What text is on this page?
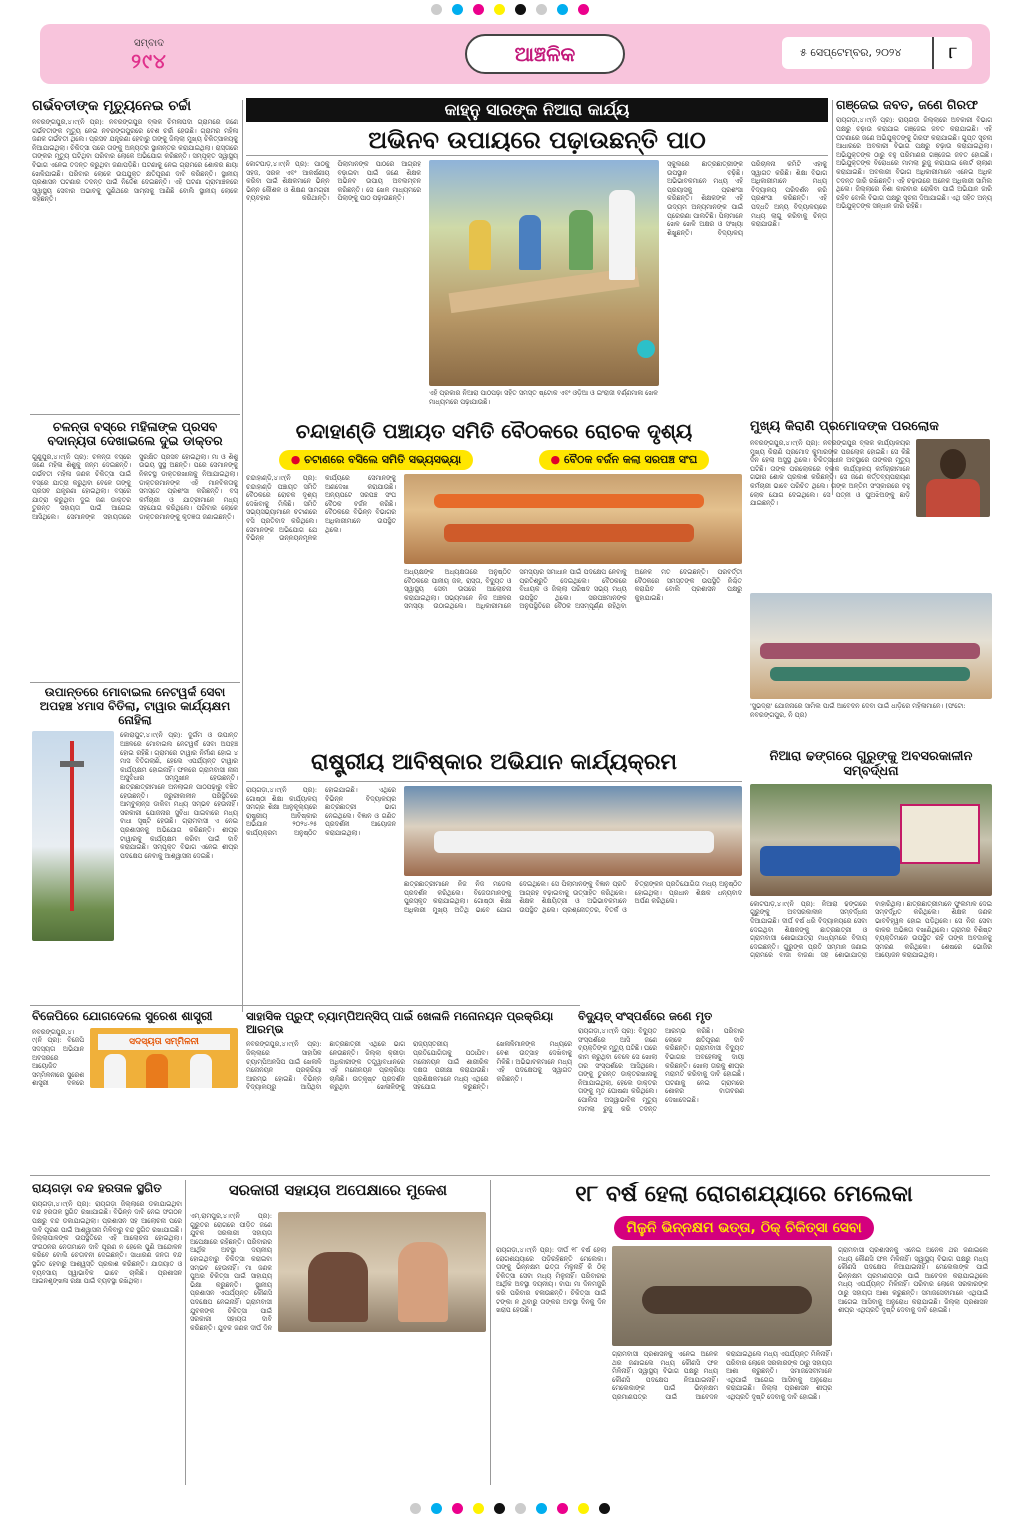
ସମ୍ବାଦ
୨୯୪	ଆଞ୍ଚଳିକ	୫ ସେପ୍ଟେମ୍ବର, ୨୦୨୪	୮
ଗର୍ଭବତୀଙ୍କ ମୃତ୍ୟୁନେଇ ଚର୍ଚ୍ଚା
ନବରଙ୍ଗପୁର,୪।୯(ନି ପ୍ର): ନବରଙ୍ଗପୁର ବ୍ଲକ ଚିମଳାପଦା ଗ୍ରାମରେ ଜଣେ ଗର୍ଭବତୀଙ୍କ ମୃତ୍ୟୁ ନେଇ ନବରଙ୍ଗପୁରରେ ବେଶ ଚର୍ଚ୍ଚା ହେଉଛି। ଗ୍ରାମର ମହିଳା ଜଣକ ଗର୍ଭବତୀ ଥିଲେ। ପ୍ରସବ ଯନ୍ତ୍ରଣା ହେବାରୁ ତାଙ୍କୁ ଜିଲ୍ଲା ମୁଖ୍ୟ ଚିକିତ୍ସାଳୟକୁ ନିଆଯାଇଥିଲା। ଚିକିତ୍ସା ପରେ ତାଙ୍କୁ ଅନ୍ୟତ୍ର ସ୍ଥାନାନ୍ତର କରାଯାଇଥିଲା। ରାସ୍ତାରେ ତାଙ୍କର ମୃତ୍ୟୁ ଘଟିଥିବା ପରିବାର ଲୋକେ ଅଭିଯୋଗ କରିଛନ୍ତି। ସମ୍ପୃକ୍ତ ସ୍ୱାସ୍ଥ୍ୟ ବିଭାଗ ଏନେଇ ତଦନ୍ତ କରୁଥିବା ଜଣାପଡ଼ିଛି। ଘଟଣାକୁ ନେଇ ଗ୍ରାମରେ ଶୋକର ଛାୟା ଖେଳିଯାଇଛି। ପରିବାର ଲୋକେ ଉପଯୁକ୍ତ କ୍ଷତିପୂରଣ ଦାବି କରିଛନ୍ତି। ସ୍ଥାନୀୟ ପ୍ରଶାସନ ଘଟଣାର ତଦନ୍ତ ପାଇଁ ନିର୍ଦ୍ଦେଶ ଦେଇଛନ୍ତି। ଏହି ଘଟଣା ଗ୍ରାମାଞ୍ଚଳରେ ସ୍ୱାସ୍ଥ୍ୟ ସେବାର ଅଭାବକୁ ପୁଣିଥରେ ସାମ୍ନାକୁ ଆଣିଛି ବୋଲି ସ୍ଥାନୀୟ ଲୋକେ କହିଛନ୍ତି।
କାହ୍ନୁ ସାରଙ୍କ ନିଆରା କାର୍ଯ୍ୟ
ଅଭିନବ ଉପାୟରେ ପଢ଼ାଉଛନ୍ତି ପାଠ
କୋଟପାଡ଼,୪।୯(ନି ପ୍ର): ପାଠକୁ ସହଜ, ସରଳ ଏବଂ ଆକର୍ଷଣୀୟ କରିବା ପାଇଁ ଶିକ୍ଷକମାନେ ଭିନ୍ନ ଭିନ୍ନ କୌଶଳ ଓ ଶିକ୍ଷଣ ସାମଗ୍ରୀ ବ୍ୟବହାର କରିଥାନ୍ତି। ପିଲାମାନଙ୍କ ପାଠରେ ଆଗ୍ରହ ବଢ଼ାଇବା ପାଇଁ ଜଣେ ଶିକ୍ଷକ ଅଭିନବ ଉପାୟ ଅବଲମ୍ବନ କରିଛନ୍ତି। ସେ ଖେଳ ମାଧ୍ୟମରେ ପିଲାଙ୍କୁ ପାଠ ପଢ଼ାଉଛନ୍ତି।
ଏହି ପ୍ରକାର ନିଆରା ପାଠପଢ଼ା ସହିତ ସମସ୍ତ ଷ୍ଟୋକ ଏବଂ ଓଡ଼ିଆ ଓ ଇଂରାଜୀ ବର୍ଣ୍ଣମାଳା ଖେଳ ମାଧ୍ୟମରେ ପଢ଼ାଯାଉଛି।
ସ୍କୁଲରେ ଛାତ୍ରଛାତ୍ରୀଙ୍କ ଉପସ୍ଥାନ ବଢ଼ିଛି। ଅଭିଭାବକମାନେ ମଧ୍ୟ ଏହି ପ୍ରୟାସକୁ ପ୍ରଶଂସା କରିଛନ୍ତି। ଶିକ୍ଷକଙ୍କ ଏହି ଉଦ୍ୟମ ଅନ୍ୟମାନଙ୍କ ପାଇଁ ପ୍ରେରଣା ପାଲଟିଛି। ପିଲାମାନେ ଖେଳ ଖେଳି ଅକ୍ଷର ଓ ସଂଖ୍ୟା ଶିଖୁଛନ୍ତି। ବିଦ୍ୟାଳୟ ପରିଚାଳନା କମିଟି ଏହାକୁ ସ୍ୱାଗତ କରିଛି। ଶିକ୍ଷା ବିଭାଗ ଅଧିକାରୀମାନେ ମଧ୍ୟ ବିଦ୍ୟାଳୟ ପରିଦର୍ଶନ କରି ପ୍ରଶଂସା କରିଛନ୍ତି। ଏହି ପଦ୍ଧତି ଅନ୍ୟ ବିଦ୍ୟାଳୟରେ ମଧ୍ୟ ଲାଗୁ କରିବାକୁ ଚିନ୍ତା କରାଯାଉଛି।
ଗଞ୍ଜେଇ ଜବତ, ଜଣେ ଗିରଫ
ରାୟଗଡ଼ା,୪।୯(ନି ପ୍ର): ରାୟଗଡ଼ା ଜିଲ୍ଲାରେ ଅବକାରୀ ବିଭାଗ ପକ୍ଷରୁ ଚଢ଼ାଉ କରାଯାଇ ଗଞ୍ଜେଇ ଜବତ କରାଯାଇଛି। ଏହି ଘଟଣାରେ ଜଣେ ଅଭିଯୁକ୍ତଙ୍କୁ ଗିରଫ କରାଯାଇଛି। ଗୁପ୍ତ ସୂଚନା ଆଧାରରେ ଅବକାରୀ ବିଭାଗ ପକ୍ଷରୁ ଚଢ଼ାଉ କରାଯାଇଥିଲା। ଅଭିଯୁକ୍ତଙ୍କ ଠାରୁ ବହୁ ପରିମାଣର ଗଞ୍ଜେଇ ଜବତ ହୋଇଛି। ଅଭିଯୁକ୍ତଙ୍କ ବିରୋଧରେ ମାମଲା ରୁଜୁ କରାଯାଇ କୋର୍ଟ ଚାଲାଣ କରାଯାଇଛି। ଅବକାରୀ ବିଭାଗ ଅଧିକାରୀମାନେ ଏନେଇ ଅଧିକ ତଦନ୍ତ ଜାରି ରଖିଛନ୍ତି। ଏହି ଚଢ଼ାଉରେ ଅନେକ ଅଧିକାରୀ ସାମିଲ ଥିଲେ। ଜିଲ୍ଲାରେ ନିଶା କାରବାର ରୋକିବା ପାଇଁ ଅଭିଯାନ ଜାରି ରହିବ ବୋଲି ବିଭାଗ ପକ୍ଷରୁ ସୂଚନା ଦିଆଯାଇଛି। ଏଥି ସହିତ ଅନ୍ୟ ଅଭିଯୁକ୍ତଙ୍କ ସନ୍ଧାନ ଜାରି ରହିଛି।
ଚଳନ୍ତା ବସ୍‌ରେ ମହିଳାଙ୍କ ପ୍ରସବ ବଦାନ୍ୟତା ଦେଖାଇଲେ ଦୁଇ ଡାକ୍ତର
ଗୁଣୁପୁର,୪।୯(ନି ପ୍ର): ଚଳନ୍ତା ବସ୍‌ରେ ଜଣେ ମହିଳା ଶିଶୁକୁ ଜନ୍ମ ଦେଇଛନ୍ତି। ଗର୍ଭବତୀ ମହିଳା ଜଣକ ଚିକିତ୍ସା ପାଇଁ ବସ୍‌ରେ ଯାତ୍ରା କରୁଥିବା ବେଳେ ତାଙ୍କୁ ପ୍ରସବ ଯନ୍ତ୍ରଣା ହୋଇଥିଲା। ବସ୍‌ରେ ଯାତ୍ରା କରୁଥିବା ଦୁଇ ଜଣ ଡାକ୍ତର ତୁରନ୍ତ ସହାୟତା ପାଇଁ ଆଗେଇ ଆସିଥିଲେ। ସେମାନଙ୍କ ସହାୟତାରେ ସୁରକ୍ଷିତ ପ୍ରସବ ହୋଇଥିଲା। ମା ଓ ଶିଶୁ ଉଭୟ ସୁସ୍ଥ ଅଛନ୍ତି। ପରେ ସେମାନଙ୍କୁ ନିକଟସ୍ଥ ଡାକ୍ତରଖାନାକୁ ନିଆଯାଇଥିଲା। ଡାକ୍ତରମାନଙ୍କ ଏହି ମାନବିକତାକୁ ସମସ୍ତେ ପ୍ରଶଂସା କରିଛନ୍ତି। ବସ୍ କର୍ମଚାରୀ ଓ ଯାତ୍ରୀମାନେ ମଧ୍ୟ ସହଯୋଗ କରିଥିଲେ। ପରିବାର ଲୋକେ ଡାକ୍ତରମାନଙ୍କୁ କୃତଜ୍ଞତା ଜଣାଇଛନ୍ତି।
ଚନ୍ଦାହାଣ୍ଡି ପଞ୍ଚାୟତ ସମିତି ବୈଠକରେ ରୋଚକ ଦୃଶ୍ୟ
● ଚଟାଣରେ ବସିଲେ ସମିତି ସଭ୍ୟସଭ୍ୟା	● ବୈଠକ ବର୍ଜନ କଲା ସରପଞ୍ଚ ସଂଘ
ଚନ୍ଦାହାଣ୍ଡି,୪।୯(ନି ପ୍ର): ଚନ୍ଦାହାଣ୍ଡି ପଞ୍ଚାୟତ ସମିତି ବୈଠକରେ ରୋଚକ ଦୃଶ୍ୟ ଦେଖିବାକୁ ମିଳିଛି। ସମିତି ସଭ୍ୟସଭ୍ୟାମାନେ ଚଟାଣରେ ବସି ପ୍ରତିବାଦ କରିଥିଲେ। ସେମାନଙ୍କ ଅଭିଯୋଗ ଯେ ବିଭିନ୍ନ ଉନ୍ନୟନମୂଳକ କାର୍ଯ୍ୟରେ ସେମାନଙ୍କୁ ଅଣଦେଖା କରାଯାଉଛି। ଅନ୍ୟପଟେ ସରପଞ୍ଚ ସଂଘ ବୈଠକ ବର୍ଜନ କରିଛି। ବୈଠକରେ ବିଭିନ୍ନ ବିଭାଗର ଅଧିକାରୀମାନେ ଉପସ୍ଥିତ ଥିଲେ।
ଅଧ୍ୟକ୍ଷଙ୍କ ଅଧ୍ୟକ୍ଷତାରେ ଅନୁଷ୍ଠିତ ବୈଠକରେ ପାନୀୟ ଜଳ, ରାସ୍ତା, ବିଦ୍ୟୁତ ଓ ସ୍ୱାସ୍ଥ୍ୟ ସେବା ଉପରେ ଆଲୋଚନା କରାଯାଇଥିଲା। ସଭ୍ୟମାନେ ନିଜ ଅଞ୍ଚଳର ସମସ୍ୟା ଉଠାଇଥିଲେ। ଅଧିକାରୀମାନେ ସମସ୍ୟାର ସମାଧାନ ପାଇଁ ପଦକ୍ଷେପ ନେବାକୁ ପ୍ରତିଶ୍ରୁତି ଦେଇଥିଲେ। ବୈଠକରେ ବିଧାୟକ ଓ ଜିଲ୍ଲା ପରିଷଦ ସଭ୍ୟ ମଧ୍ୟ ଉପସ୍ଥିତ ଥିଲେ। ସରପଞ୍ଚମାନଙ୍କ ଅନୁପସ୍ଥିତିରେ ବୈଠକ ଅସମ୍ପୂର୍ଣ୍ଣ ରହିଥିବା ଅନେକ ମତ ଦେଇଛନ୍ତି। ପରବର୍ତ୍ତୀ ବୈଠକରେ ସମସ୍ତଙ୍କ ଉପସ୍ଥିତି ନିଶ୍ଚିତ କରାଯିବ ବୋଲି ପ୍ରଶାସନ ପକ୍ଷରୁ କୁହାଯାଇଛି।
ମୁଖ୍ୟ କିରାଣି ପ୍ରମୋଦଙ୍କ ପରଲୋକ
ନବରଙ୍ଗପୁର,୪।୯(ନି ପ୍ର): ନବରଙ୍ଗପୁର ବ୍ଲକ କାର୍ଯ୍ୟାଳୟର ମୁଖ୍ୟ କିରାଣି ପ୍ରମୋଦ କୁମାରଙ୍କ ପରଲୋକ ହୋଇଛି। ସେ କିଛି ଦିନ ହେଲା ଅସୁସ୍ଥ ଥିଲେ। ଚିକିତ୍ସାଧୀନ ଅବସ୍ଥାରେ ତାଙ୍କର ମୃତ୍ୟୁ ଘଟିଛି। ତାଙ୍କ ପରଲୋକରେ ବ୍ଲକ କାର୍ଯ୍ୟାଳୟ କର୍ମଚାରୀମାନେ ଗଭୀର ଶୋକ ପ୍ରକାଶ କରିଛନ୍ତି। ସେ ଜଣେ କର୍ତ୍ତବ୍ୟପରାୟଣ କର୍ମଚାରୀ ଭାବେ ପରିଚିତ ଥିଲେ। ତାଙ୍କ ଅନ୍ତିମ ସଂସ୍କାରରେ ବହୁ ଲୋକ ଯୋଗ ଦେଇଥିଲେ। ସେ ପତ୍ନୀ ଓ ପୁଅଝିଅଙ୍କୁ ଛାଡ଼ି ଯାଇଛନ୍ତି।
'ସୁଭଦ୍ରା' ଯୋଜନାରେ ସାମିଲ ପାଇଁ ଆବେଦନ ଦେବା ପାଇଁ ଧାଡ଼ିରେ ମହିଳାମାନେ। (ଫଟୋ: ନବରଙ୍ଗପୁର, ନି ପ୍ର)
ଉପାନ୍ତରେ ମୋବାଇଲ ନେଟୱର୍କ ସେବା ଅପହଞ୍ଚ ୪ମାସ ବିତିଲା, ଟାୱାର କାର୍ଯ୍ୟକ୍ଷମ ନୋହିଲା
କୋରାପୁଟ,୪।୯(ନି ପ୍ର): ଦୁର୍ଗମ ଓ ଉପାନ୍ତ ଅଞ୍ଚଳରେ ମୋବାଇଲ ନେଟୱର୍କ ସେବା ଅପହଞ୍ଚ ହୋଇ ରହିଛି। ଗ୍ରାମରେ ଟାୱାର ନିର୍ମାଣ ହୋଇ ୪ ମାସ ବିତିଗଲାଣି, ହେଲେ ଏପର୍ଯ୍ୟନ୍ତ ଟାୱାର କାର୍ଯ୍ୟକ୍ଷମ ହୋଇନାହିଁ। ଫଳରେ ଗ୍ରାମବାସୀ ନାନା ଅସୁବିଧାର ସମ୍ମୁଖୀନ ହେଉଛନ୍ତି। ଛାତ୍ରଛାତ୍ରୀମାନେ ଅନଲାଇନ ପାଠପଢ଼ାରୁ ବଞ୍ଚିତ ହେଉଛନ୍ତି। ଜରୁରୀକାଳୀନ ପରିସ୍ଥିତିରେ ଆମ୍ବୁଲାନ୍ସ ଡାକିବା ମଧ୍ୟ ସମ୍ଭବ ହେଉନାହିଁ। ସରକାରୀ ଯୋଜନାର ସୁବିଧା ପାଇବାରେ ମଧ୍ୟ ବାଧା ସୃଷ୍ଟି ହେଉଛି। ଗ୍ରାମବାସୀ ଏ ନେଇ ପ୍ରଶାସନକୁ ଅଭିଯୋଗ କରିଛନ୍ତି। ଶୀଘ୍ର ଟାୱାରକୁ କାର୍ଯ୍ୟକ୍ଷମ କରିବା ପାଇଁ ଦାବି କରାଯାଇଛି। ସମ୍ପୃକ୍ତ ବିଭାଗ ଏନେଇ ଶୀଘ୍ର ପଦକ୍ଷେପ ନେବାକୁ ଆଶ୍ୱାସନା ଦେଇଛି।
ରାଷ୍ଟ୍ରୀୟ ଆବିଷ୍କାର ଅଭିଯାନ କାର୍ଯ୍ୟକ୍ରମ
ରାୟଗଡ଼ା,୪।୯(ନି ପ୍ର): ଗୋଷ୍ଠୀ ଶିକ୍ଷା କାର୍ଯ୍ୟାଳୟ ସମଗ୍ର ଶିକ୍ଷା ଆନୁକୂଲ୍ୟରେ ରାଷ୍ଟ୍ରୀୟ ଆବିଷ୍କାର ଅଭିଯାନ ୨୦୨୪-୨୫ କାର୍ଯ୍ୟକ୍ରମ ଅନୁଷ୍ଠିତ ହୋଇଯାଇଛି। ଏଥିରେ ବିଭିନ୍ନ ବିଦ୍ୟାଳୟର ଛାତ୍ରଛାତ୍ରୀ ଭାଗ ନେଇଥିଲେ। ବିଜ୍ଞାନ ଓ ଗଣିତ ପ୍ରଦର୍ଶନୀ ଆୟୋଜନ କରାଯାଇଥିଲା।
ଛାତ୍ରଛାତ୍ରୀମାନେ ନିଜ ନିଜ ମଡେଲ ପ୍ରଦର୍ଶନ କରିଥିଲେ। ବିଜେତାମାନଙ୍କୁ ପୁରସ୍କୃତ କରାଯାଇଥିଲା। ଗୋଷ୍ଠୀ ଶିକ୍ଷା ଅଧିକାରୀ ମୁଖ୍ୟ ଅତିଥି ଭାବେ ଯୋଗ ଦେଇଥିଲେ। ସେ ପିଲାମାନଙ୍କୁ ବିଜ୍ଞାନ ପ୍ରତି ଆଗ୍ରହ ବଢ଼ାଇବାକୁ ଉତ୍ସାହିତ କରିଥିଲେ। ଶିକ୍ଷକ ଶିକ୍ଷୟିତ୍ରୀ ଓ ଅଭିଭାବକମାନେ ଉପସ୍ଥିତ ଥିଲେ। ପ୍ରଶ୍ନୋତ୍ତର, ବିତର୍କ ଓ ଚିତ୍ରାଙ୍କନ ପ୍ରତିଯୋଗିତା ମଧ୍ୟ ଅନୁଷ୍ଠିତ ହୋଇଥିଲା। ପ୍ରଧାନ ଶିକ୍ଷକ ଧନ୍ୟବାଦ ଅର୍ପଣ କରିଥିଲେ।
ନିଆରା ଢଙ୍ଗରେ ଗୁରୁଙ୍କୁ ଅବସରକାଳୀନ ସମ୍ବର୍ଦ୍ଧନା
କୋଟପାଡ଼,୪।୯(ନି ପ୍ର): ନିଆରା ଢଙ୍ଗରେ ଗୁରୁଙ୍କୁ ଅବସରକାଳୀନ ସମ୍ବର୍ଦ୍ଧନା ଦିଆଯାଇଛି। ଦୀର୍ଘ ବର୍ଷ ଧରି ବିଦ୍ୟାଳୟରେ ସେବା ଦେଇଥିବା ଶିକ୍ଷକଙ୍କୁ ଛାତ୍ରଛାତ୍ରୀ ଓ ଗ୍ରାମବାସୀ ଶୋଭାଯାତ୍ରା ମାଧ୍ୟମରେ ବିଦାୟ ଦେଇଛନ୍ତି। ଗୁରୁଙ୍କ ପ୍ରତି ସମ୍ମାନ ଜଣାଇ ଗ୍ରାମରେ ବାଜା ବାଜଣା ସହ ଶୋଭାଯାତ୍ରା ବାହାରିଥିଲା। ଛାତ୍ରଛାତ୍ରୀମାନେ ଫୁଲମାଳ ଦେଇ ସମ୍ବର୍ଦ୍ଧିତ କରିଥିଲେ। ଶିକ୍ଷକ ଜଣକ ଭାବବିହ୍ୱଳ ହୋଇ ପଡ଼ିଥିଲେ। ସେ ନିଜ ସେବା କାଳର ଅଭିଜ୍ଞତା ବଖାଣିଥିଲେ। ଗ୍ରାମର ବିଶିଷ୍ଟ ବ୍ୟକ୍ତିମାନେ ଉପସ୍ଥିତ ରହି ତାଙ୍କ ଅବଦାନକୁ ସ୍ମରଣ କରିଥିଲେ। ଶେଷରେ ଭୋଜିର ଆୟୋଜନ କରାଯାଇଥିଲା।
ବିଜେପିରେ ଯୋଗଦେଲେ ସୁରେଶ ଶାସ୍ତ୍ରୀ
ନବରଙ୍ଗପୁର,୪।୯(ନି ପ୍ର): ବିଜେପି ସଦସ୍ୟତା ଅଭିଯାନ ଅବସରରେ ଆୟୋଜିତ ସମ୍ମିଳନୀରେ ସୁରେଶ ଶାସ୍ତ୍ରୀ ଦଳରେ
ସଦସ୍ୟତା ସମ୍ମିଳନୀ
ସାହାସିକ ପ୍ରୁଫ୍ ଚ୍ୟାମ୍ପିଅନ୍‌ସିପ୍ ପାଇଁ ଖେଳାଳି ମନୋନୟନ ପ୍ରକ୍ରିୟା ଆରମ୍ଭ
ନବରଙ୍ଗପୁର,୪।୯(ନି ପ୍ର): ଜିଲ୍ଲାରେ ସାହାସିକ ଚ୍ୟାମ୍ପିଅନସିପ ପାଇଁ ଖେଳାଳି ମନୋନୟନ ପ୍ରକ୍ରିୟା ଆରମ୍ଭ ହୋଇଛି। ବିଭିନ୍ନ ବିଦ୍ୟାଳୟରୁ ଆସିଥିବା ଛାତ୍ରଛାତ୍ରୀ ଏଥିରେ ଭାଗ ନେଉଛନ୍ତି। ଜିଲ୍ଲା କ୍ରୀଡ଼ା ଅଧିକାରୀଙ୍କ ତତ୍ତ୍ୱାବଧାନରେ ଏହି ମନୋନୟନ ପ୍ରକ୍ରିୟା ଚାଲିଛି। ଉତ୍କୃଷ୍ଟ ପ୍ରଦର୍ଶନ କରୁଥିବା ଖେଳାଳିଙ୍କୁ ରାଜ୍ୟସ୍ତରୀୟ ପ୍ରତିଯୋଗିତାକୁ ପଠାଯିବ। ମନୋନୟନ ପାଇଁ ଶାରୀରିକ ଦକ୍ଷତା ପରୀକ୍ଷା କରାଯାଉଛି। ପ୍ରଶିକ୍ଷକମାନେ ମଧ୍ୟ ଏଥିରେ ସହଯୋଗ କରୁଛନ୍ତି। ଖେଳାଳିମାନଙ୍କ ମଧ୍ୟରେ ବେଶ ଉତ୍ସାହ ଦେଖିବାକୁ ମିଳିଛି। ଅଭିଭାବକମାନେ ମଧ୍ୟ ଏହି ପଦକ୍ଷେପକୁ ସ୍ୱାଗତ କରିଛନ୍ତି।
ବିଦ୍ୟୁତ୍ ସଂସ୍ପର୍ଶରେ ଜଣେ ମୃତ
ରାୟଗଡ଼ା,୪।୯(ନି ପ୍ର): ବିଦ୍ୟୁତ ସଂସ୍ପର୍ଶରେ ଆସି ଜଣେ ବ୍ୟକ୍ତିଙ୍କ ମୃତ୍ୟୁ ଘଟିଛି। ଘରେ କାମ କରୁଥିବା ବେଳେ ସେ ଖୋଲା ତାର ସଂସ୍ପର୍ଶରେ ଆସିଥିଲେ। ତାଙ୍କୁ ତୁରନ୍ତ ଡାକ୍ତରଖାନାକୁ ନିଆଯାଇଥିଲା, ହେଲେ ଡାକ୍ତର ତାଙ୍କୁ ମୃତ ଘୋଷଣା କରିଥିଲେ। ପୋଲିସ ଅସ୍ୱାଭାବିକ ମୃତ୍ୟୁ ମାମଲା ରୁଜୁ କରି ତଦନ୍ତ ଆରମ୍ଭ କରିଛି। ପରିବାର ଲୋକେ କ୍ଷତିପୂରଣ ଦାବି କରିଛନ୍ତି। ଗ୍ରାମବାସୀ ବିଦ୍ୟୁତ ବିଭାଗର ଅବହେଳାକୁ ଦାୟୀ କରିଛନ୍ତି। ଖୋଲା ତାରକୁ ଶୀଘ୍ର ମରାମତି କରିବାକୁ ଦାବି ହୋଇଛି। ଘଟଣାକୁ ନେଇ ଗ୍ରାମରେ ଶୋକର ବାତାବରଣ ଦେଖାଦେଇଛି।
ରାୟଗଡ଼ା ବନ୍ଦ ହରତାଳ ସ୍ଥଗିତ
ରାୟଗଡ଼ା,୪।୯(ନି ପ୍ର): ରାୟଗଡ଼ା ଜିଲ୍ଲାରେ ଡକାଯାଇଥିବା ବନ୍ଦ ହରତାଳ ସ୍ଥଗିତ ରଖାଯାଇଛି। ବିଭିନ୍ନ ଦାବି ନେଇ ସଂଗଠନ ପକ୍ଷରୁ ବନ୍ଦ ଡକାଯାଇଥିଲା। ପ୍ରଶାସନ ସହ ଆଲୋଚନା ପରେ ଦାବି ପୂରଣ ପାଇଁ ଆଶ୍ୱାସନା ମିଳିବାରୁ ବନ୍ଦ ସ୍ଥଗିତ ରଖାଯାଇଛି। ଜିଲ୍ଲାପାଳଙ୍କ ଉପସ୍ଥିତିରେ ଏହି ଆଲୋଚନା ହୋଇଥିଲା। ସଂଗଠନର ନେତାମାନେ ଦାବି ପୂରଣ ନ ହେଲେ ପୁଣି ଆନ୍ଦୋଳନ କରିବେ ବୋଲି ଚେତାବନୀ ଦେଇଛନ୍ତି। ସାଧାରଣ ଜନତା ବନ୍ଦ ସ୍ଥଗିତ ହେବାରୁ ଆଶ୍ୱସ୍ତି ପ୍ରକାଶ କରିଛନ୍ତି। ଯାତାୟାତ ଓ ବ୍ୟବସାୟ ସ୍ୱାଭାବିକ ଭାବେ ଚାଲିଛି। ପ୍ରଶାସନ ଆଇନଶୃଙ୍ଖଳା ରକ୍ଷା ପାଇଁ ବ୍ୟବସ୍ଥା ରଖିଥିଲା।
ସରକାରୀ ସହାୟତା ଅପେକ୍ଷାରେ ମୁକେଶ
ଏମ୍.ରାମପୁର,୪।୯(ନି ପ୍ର): ଗୁରୁତର ରୋଗରେ ପୀଡ଼ିତ ଜଣେ ଯୁବକ ସରକାରୀ ସହାୟତା ଅପେକ୍ଷାରେ ରହିଛନ୍ତି। ପରିବାରର ଆର୍ଥିକ ଅବସ୍ଥା ଦୟନୀୟ ହୋଇଥିବାରୁ ଚିକିତ୍ସା କରାଇବା ସମ୍ଭବ ହେଉନାହିଁ। ମା ଜଣକ ପୁଅର ଚିକିତ୍ସା ପାଇଁ ସାହାଯ୍ୟ ଭିକ୍ଷା କରୁଛନ୍ତି। ସ୍ଥାନୀୟ ପ୍ରଶାସନ ଏପର୍ଯ୍ୟନ୍ତ କୌଣସି ପଦକ୍ଷେପ ନେଇନାହିଁ। ଗ୍ରାମବାସୀ ଯୁବକଙ୍କ ଚିକିତ୍ସା ପାଇଁ ସରକାରୀ ସହାୟତା ଦାବି କରିଛନ୍ତି। ଯୁବକ ଜଣକ ଦୀର୍ଘ ଦିନ
୧୮ ବର୍ଷ ହେଲା ରୋଗଶଯ୍ୟାରେ ମେଲେକା
ମିଳୁନି ଭିନ୍ନକ୍ଷମ ଭତ୍ତା, ଠିକ୍ ଚିକିତ୍ସା ସେବା
ରାୟଗଡ଼ା,୪।୯(ନି ପ୍ର): ଦୀର୍ଘ ୧୮ ବର୍ଷ ହେଲା ରୋଗଶଯ୍ୟାରେ ପଡ଼ିରହିଛନ୍ତି ମେଲେକା। ତାଙ୍କୁ ଭିନ୍ନକ୍ଷମ ଭତ୍ତା ମିଳୁନାହିଁ କି ଠିକ୍ ଚିକିତ୍ସା ସେବା ମଧ୍ୟ ମିଳୁନାହିଁ। ପରିବାରର ଆର୍ଥିକ ଅବସ୍ଥା ଦୟନୀୟ। ବାପା ମା ଦିନମଜୁରି କରି ପରିବାର ଚଳାଉଛନ୍ତି। ଚିକିତ୍ସା ପାଇଁ ଟଙ୍କା ନ ଥିବାରୁ ତାଙ୍କର ଅବସ୍ଥା ଦିନକୁ ଦିନ ଖରାପ ହେଉଛି।
ଗ୍ରାମବାସୀ ପ୍ରଶାସନକୁ ଏନେଇ ଅନେକ ଥର ଜଣାଇଲେ ମଧ୍ୟ କୌଣସି ଫଳ ମିଳିନାହିଁ। ସ୍ୱାସ୍ଥ୍ୟ ବିଭାଗ ପକ୍ଷରୁ ମଧ୍ୟ କୌଣସି ପଦକ୍ଷେପ ନିଆଯାଇନାହିଁ। ମେଲେକାଙ୍କ ପାଇଁ ଭିନ୍ନକ୍ଷମ ପ୍ରମାଣପତ୍ର ପାଇଁ ଆବେଦନ କରାଯାଇଥିଲେ ମଧ୍ୟ ଏପର୍ଯ୍ୟନ୍ତ ମିଳିନାହିଁ। ପରିବାର ଲୋକେ ସରକାରଙ୍କ ଠାରୁ ସହାୟତା ଆଶା କରୁଛନ୍ତି। ସମାଜସେବୀମାନେ ଏଥିପାଇଁ ଆଗେଇ ଆସିବାକୁ ଅନୁରୋଧ କରାଯାଇଛି। ଜିଲ୍ଲା ପ୍ରଶାସନ ଶୀଘ୍ର ଏଥିପ୍ରତି ଦୃଷ୍ଟି ଦେବାକୁ ଦାବି ହୋଇଛି।
ଗ୍ରାମବାସୀ ପ୍ରଶାସନକୁ ଏନେଇ ଅନେକ ଥର ଜଣାଇଲେ ମଧ୍ୟ କୌଣସି ଫଳ ମିଳିନାହିଁ। ସ୍ୱାସ୍ଥ୍ୟ ବିଭାଗ ପକ୍ଷରୁ ମଧ୍ୟ କୌଣସି ପଦକ୍ଷେପ ନିଆଯାଇନାହିଁ। ମେଲେକାଙ୍କ ପାଇଁ ଭିନ୍ନକ୍ଷମ ପ୍ରମାଣପତ୍ର ପାଇଁ ଆବେଦନ କରାଯାଇଥିଲେ ମଧ୍ୟ ଏପର୍ଯ୍ୟନ୍ତ ମିଳିନାହିଁ। ପରିବାର ଲୋକେ ସରକାରଙ୍କ ଠାରୁ ସହାୟତା ଆଶା କରୁଛନ୍ତି। ସମାଜସେବୀମାନେ ଏଥିପାଇଁ ଆଗେଇ ଆସିବାକୁ ଅନୁରୋଧ କରାଯାଇଛି। ଜିଲ୍ଲା ପ୍ରଶାସନ ଶୀଘ୍ର ଏଥିପ୍ରତି ଦୃଷ୍ଟି ଦେବାକୁ ଦାବି ହୋଇଛି।
